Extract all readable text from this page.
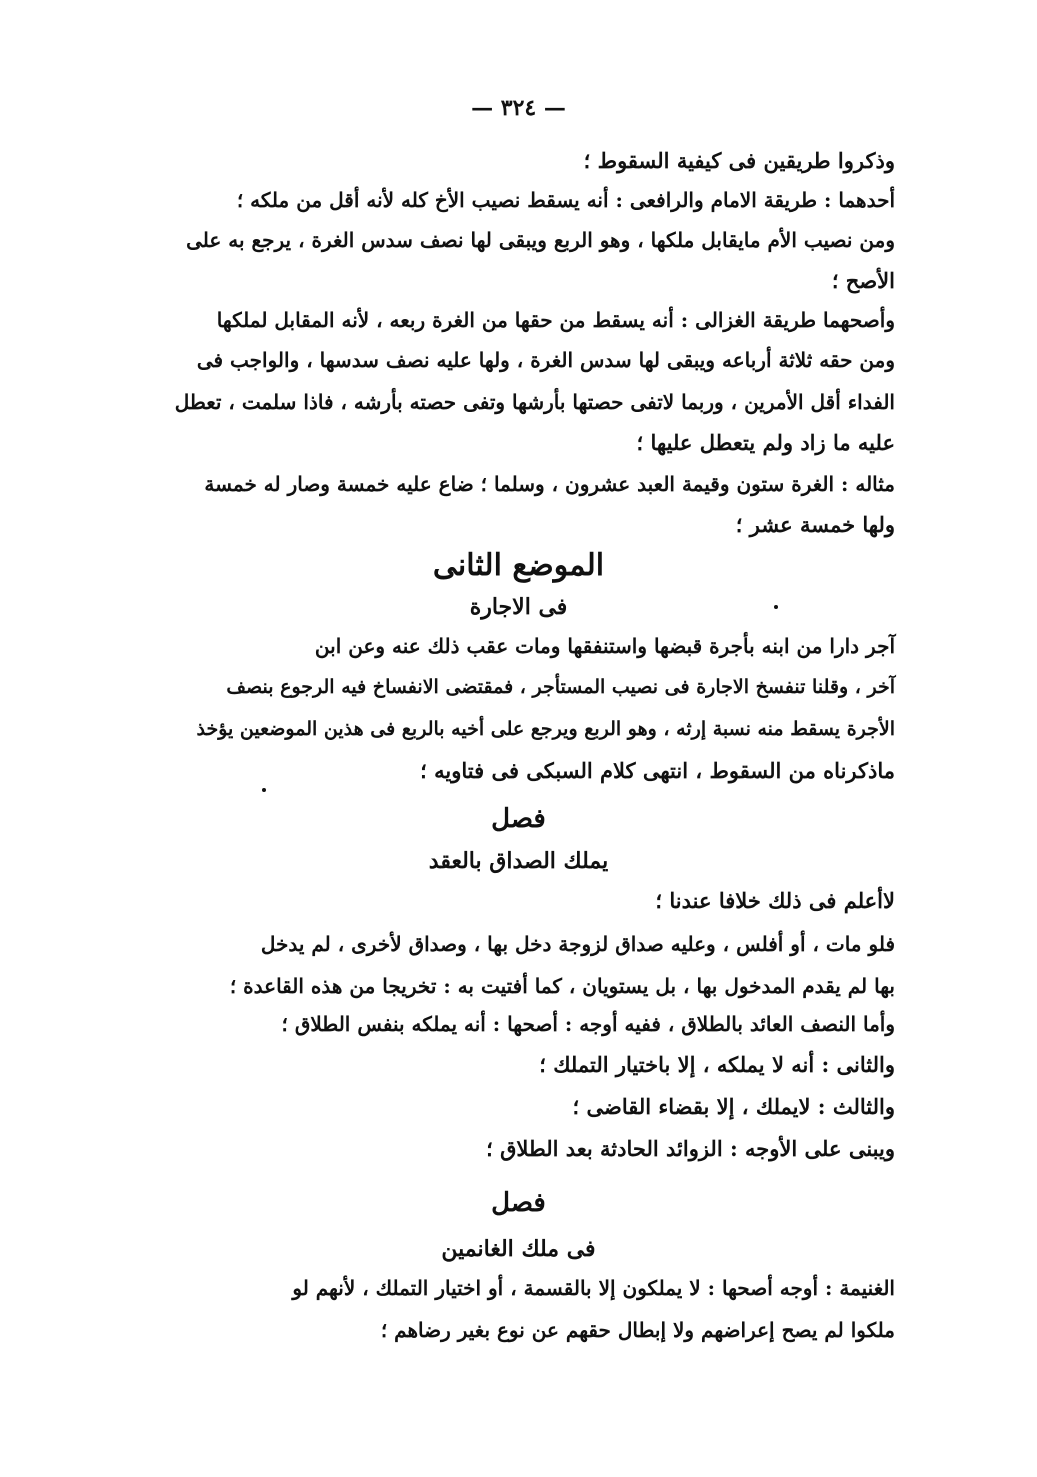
— ٣٢٤ —
وذكروا طريقين فى كيفية السقوط ؛
أحدهما : طريقة الامام والرافعى : أنه يسقط نصيب الأخ كله لأنه أقل من ملكه ؛
ومن نصيب الأم مايقابل ملكها ، وهو الربع ويبقى لها نصف سدس الغرة ، يرجع به على
الأصح ؛
وأصحهما طريقة الغزالى : أنه يسقط من حقها من الغرة ربعه ، لأنه المقابل لملكها
ومن حقه ثلاثة أرباعه ويبقى لها سدس الغرة ، ولها عليه نصف سدسها ، والواجب فى
الفداء أقل الأمرين ، وربما لاتفى حصتها بأرشها وتفى حصته بأرشه ، فاذا سلمت ، تعطل
عليه ما زاد ولم يتعطل عليها ؛
مثاله : الغرة ستون وقيمة العبد عشرون ، وسلما ؛ ضاع عليه خمسة وصار له خمسة
ولها خمسة عشر ؛
الموضع الثانى
فى الاجارة
آجر دارا من ابنه بأجرة قبضها واستنفقها ومات عقب ذلك عنه وعن ابن
آخر ، وقلنا تنفسخ الاجارة فى نصيب المستأجر ، فمقتضى الانفساخ فيه الرجوع بنصف
الأجرة يسقط منه نسبة إرثه ، وهو الربع ويرجع على أخيه بالربع فى هذين الموضعين يؤخذ
ماذكرناه من السقوط ، انتهى كلام السبكى فى فتاويه ؛
فصل
يملك الصداق بالعقد
لاأعلم فى ذلك خلافا عندنا ؛
فلو مات ، أو أفلس ، وعليه صداق لزوجة دخل بها ، وصداق لأخرى ، لم يدخل
بها لم يقدم المدخول بها ، بل يستويان ، كما أفتيت به : تخريجا من هذه القاعدة ؛
وأما النصف العائد بالطلاق ، ففيه أوجه : أصحها : أنه يملكه بنفس الطلاق ؛
والثانى : أنه لا يملكه ، إلا باختيار التملك ؛
والثالث : لايملك ، إلا بقضاء القاضى ؛
ويبنى على الأوجه : الزوائد الحادثة بعد الطلاق ؛
فصل
فى ملك الغانمين
الغنيمة : أوجه أصحها : لا يملكون إلا بالقسمة ، أو اختيار التملك ، لأنهم لو
ملكوا لم يصح إعراضهم ولا إبطال حقهم عن نوع بغير رضاهم ؛
